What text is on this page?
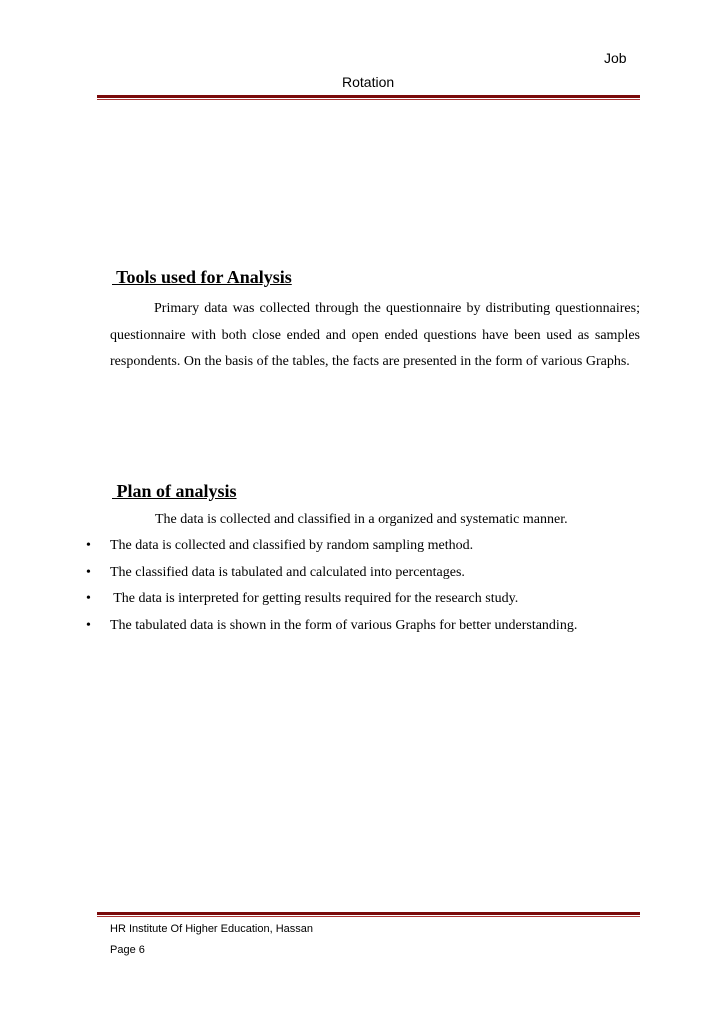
Job
Rotation
Tools used for Analysis
Primary data was collected through the questionnaire by distributing questionnaires; questionnaire with both close ended and open ended questions have been used as samples respondents. On the basis of the tables, the facts are presented in the form of various Graphs.
Plan of analysis
The data is collected and classified in a organized and systematic manner.

•

The data is collected and classified by random sampling method.

•

The classified data is tabulated and calculated into percentages.

•

The data is interpreted for getting results required for the research study.

•

The tabulated data is shown in the form of various Graphs for better understanding.

HR Institute Of Higher Education, Hassan
Page 6
